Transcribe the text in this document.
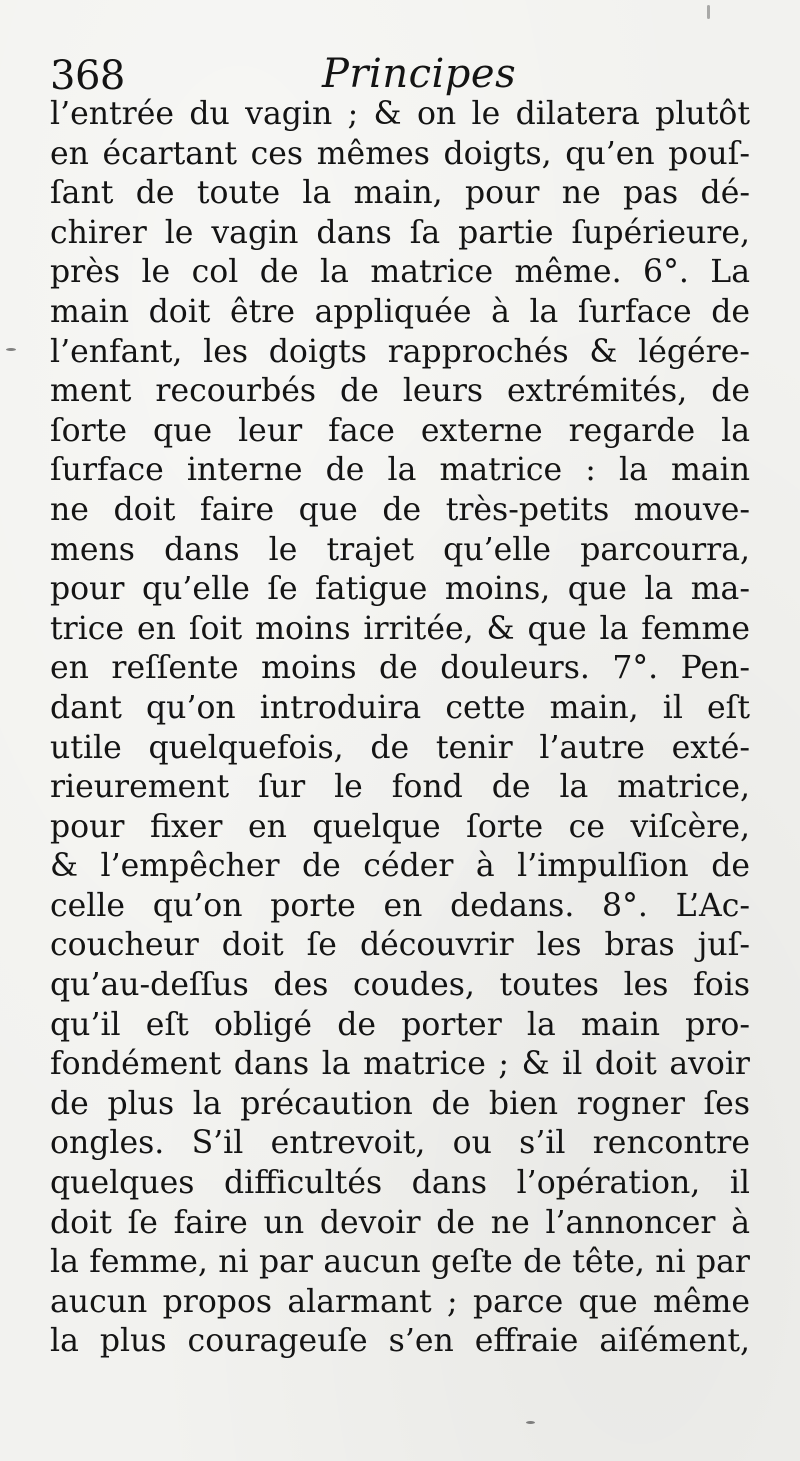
368	Principes
l’entrée du vagin ; & on le dilatera plutôt
en écartant ces mêmes doigts, qu’en pouſ-
ſant de toute la main, pour ne pas dé-
chirer le vagin dans ſa partie ſupérieure,
près le col de la matrice même. 6°. La
main doit être appliquée à la ſurface de
l’enfant, les doigts rapprochés & légére-
ment recourbés de leurs extrémités, de
ſorte que leur face externe regarde la
ſurface interne de la matrice : la main
ne doit faire que de très-petits mouve-
mens dans le trajet qu’elle parcourra,
pour qu’elle ſe fatigue moins, que la ma-
trice en ſoit moins irritée, & que la femme
en reſſente moins de douleurs. 7°. Pen-
dant qu’on introduira cette main, il eſt
utile quelquefois, de tenir l’autre exté-
rieurement ſur le fond de la matrice,
pour fixer en quelque ſorte ce viſcère,
& l’empêcher de céder à l’impulſion de
celle qu’on porte en dedans. 8°. L’Ac-
coucheur doit ſe découvrir les bras juſ-
qu’au-deſſus des coudes, toutes les fois
qu’il eſt obligé de porter la main pro-
fondément dans la matrice ; & il doit avoir
de plus la précaution de bien rogner ſes
ongles. S’il entrevoit, ou s’il rencontre
quelques difficultés dans l’opération, il
doit ſe faire un devoir de ne l’annoncer à
la femme, ni par aucun geſte de tête, ni par
aucun propos alarmant ; parce que même
la plus courageuſe s’en effraie aiſément,
